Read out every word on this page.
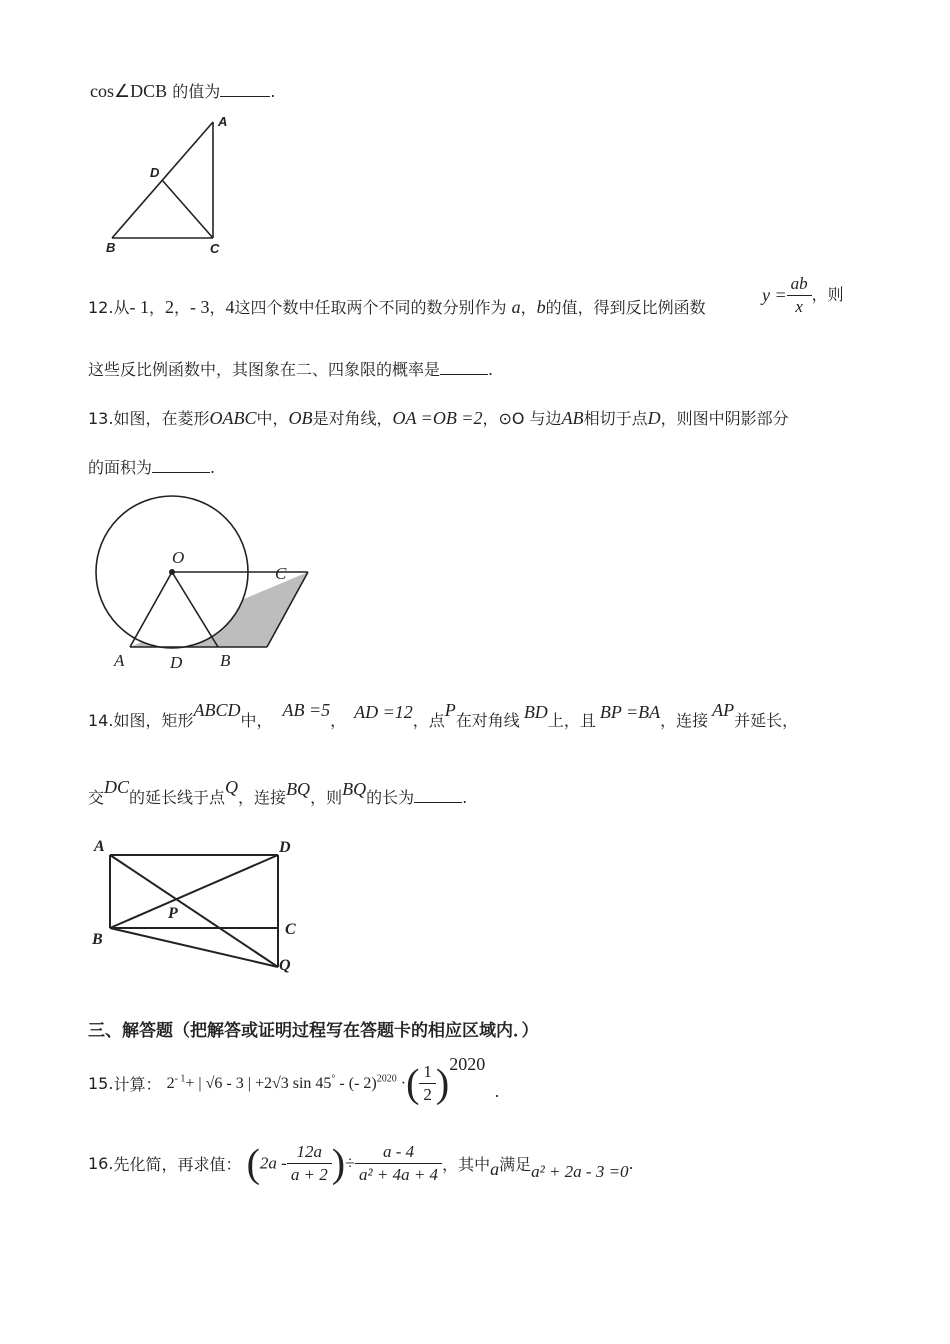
cos∠DCB 的值为	.
A
D
B	C
12.从- 1，2，- 3，4这四个数中任取两个不同的数分别作为 a，b的值，得到反比例函数
$y = \frac{ab}{x}$ ，则
这些反比例函数中，其图象在二、四象限的概率是	.
13.如图，在菱形OABC中，OB是对角线，OA =OB =2，⊙O 与边AB相切于点D，则图中阴影部分
的面积为	.
O
C
A	D B
14.如图，矩形ABCD中，AB =5， AD =12，点P在对角线 BD上，且 BP =BA，连接AP并延长，
交DC的延长线于点Q，连接BQ，则BQ的长为	.
A	D
P
B
C
Q
三、解答题（把解答或证明过程写在答题卡的相应区域内．）
15.计算： $2^{- 1}+$ | √6 - 3 | +2√3 sin 45° - (- 2)$^{2020}$ ·( $\frac{1}{2} )^{2020}$ .
16.先化简，再求值： ($2a - \frac{12a}{a + 2}$ )÷ $\frac{a - 4}{\text{a² + 4a + 4}}$ ，其中a满足a² + 2a - 3 =0.
